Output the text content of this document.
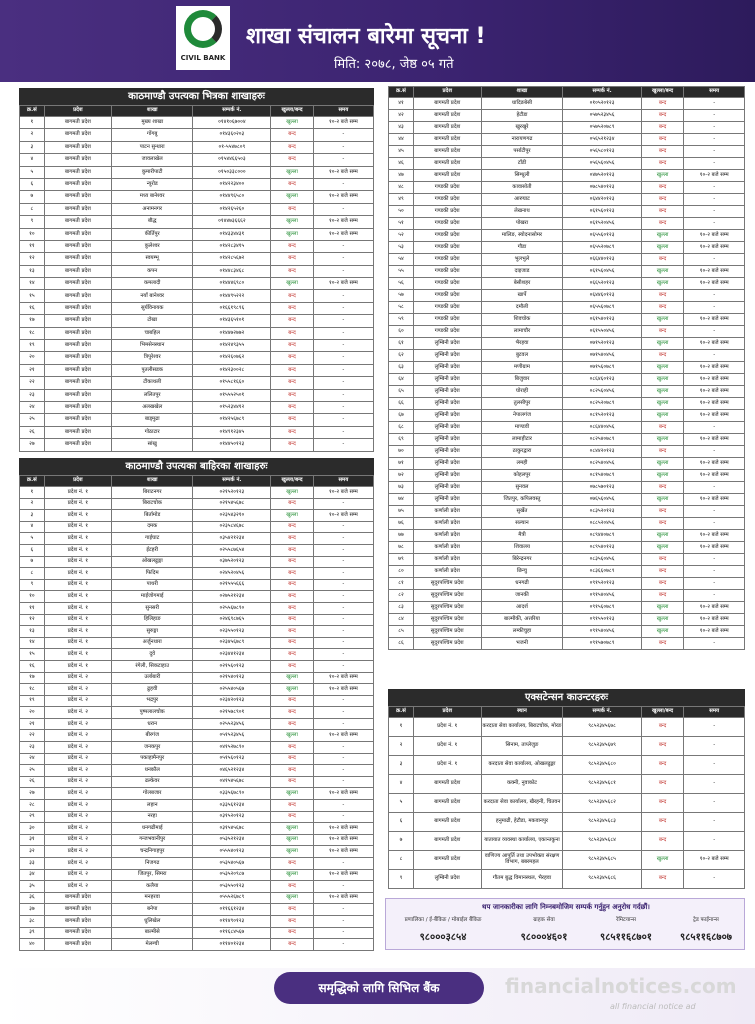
CIVIL BANK
शाखा संचालन बारेमा सूचना !
मिति: २०७८, जेष्ठ ०५ गते
काठमाण्डौ उपत्यका भित्रका शाखाहरुः
क्र.सं	प्रदेश	शाखा	सम्पर्क नं.	खुल्ला/बन्द	समय
१	बागमती प्रदेश	मुख्य शाखा	०१४१०६७००४	खुल्ला	१०-२ बजे सम्म
२	बागमती प्रदेश	गोंगबु	०१४३६०२०३	बन्द	-
३	बागमती प्रदेश	पाटन सुन्धारा	०१-५५४७८०९	बन्द	-
४	बागमती प्रदेश	जावलाखेल	०१५४४६६५०३	बन्द	-
५	बागमती प्रदेश	कुमारीपाटी	०१५०३३८०००	खुल्ला	१०-२ बजे सम्म
६	बागमती प्रदेश	न्यूरोड	०१४२२३४००	बन्द	-
७	बागमती प्रदेश	मध्य बानेश्वर	०१४४९६५८०	खुल्ला	१०-२ बजे सम्म
८	बागमती प्रदेश	अनामनगर	०१४२६५२६०	बन्द	-
९	बागमती प्रदेश	बौद्ध	०१४४७३६६६२	खुल्ला	१०-२ बजे सम्म
१०	बागमती प्रदेश	कीर्तिपुर	०१४३३४४३१	खुल्ला	१०-२ बजे सम्म
११	बागमती प्रदेश	कुलेश्वर	०१४२८३४१५	बन्द	-
१२	बागमती प्रदेश	स्वयम्भू	०१४२८५६७२	बन्द	-
१३	बागमती प्रदेश	कपन	०१४४८३४६८	बन्द	-
१४	बागमती प्रदेश	कमलादी	०१४४४६९८०	खुल्ला	१०-२ बजे सम्म
१५	बागमती प्रदेश	नयाँ बानेश्वर	०१४४९५२२२	बन्द	-
१६	बागमती प्रदेश	सुर्यविनायक	०१६६१९८९६	बन्द	-
१७	बागमती प्रदेश	टोखा	०१४३६५१०१	बन्द	-
१८	बागमती प्रदेश	चाबहिल	०१४४७२७७२	बन्द	-
१९	बागमती प्रदेश	भिमसेनस्थान	०१४२४९३५५	बन्द	-
२०	बागमती प्रदेश	त्रिपुरेश्वर	०१४२६०७६२	बन्द	-
२१	बागमती प्रदेश	पुतलीसडक	०१४२३००२८	बन्द	-
२२	बागमती प्रदेश	टीकाथली	०१५५८१६६०	बन्द	-
२३	बागमती प्रदेश	ललितपुर	०१५५५२५०१	बन्द	-
२४	बागमती प्रदेश	अलखखेल	०१५२३४४१२	बन्द	-
२५	बागमती प्रदेश	बाड्मुढा	०१४२५६७८९	बन्द	-
२६	बागमती प्रदेश	गोठाटार	०१४९१२३४५	बन्द	-
२७	बागमती प्रदेश	सांखु	०१४४५०१२३	बन्द	-
काठमाण्डौ उपत्यका बाहिरका शाखाहरुः
क्र.सं	प्रदेश	शाखा	सम्पर्क नं.	खुल्ला/बन्द	समय
१	प्रदेश नं. १	बिराटनगर	०२१५२०१२३	खुल्ला	१०-२ बजे सम्म
२	प्रदेश नं. १	बिराटचोक	०२१५४५६७८	बन्द	-
३	प्रदेश नं. १	बिर्तामोड	०२३५४३२१०	खुल्ला	१०-२ बजे सम्म
४	प्रदेश नं. १	दमक	०२३५८४६७८	बन्द	-
५	प्रदेश नं. १	गाईघाट	०३५४२१२३४	बन्द	-
६	प्रदेश नं. १	ईटहरी	०२५५८७६५४	बन्द	-
७	प्रदेश नं. १	ओखलढुङ्गा	०३७५२०१२३	बन्द	-
८	प्रदेश नं. १	फिदिम	०२४५२०४५६	बन्द	-
९	प्रदेश नं. १	पाथरी	०२१५५५६६६	बन्द	-
१०	प्रदेश नं. १	माईजोगमाई	०२७५२१२३४	बन्द	-
११	प्रदेश नं. १	सुनसरी	०२५५६७८९०	बन्द	-
१२	प्रदेश नं. १	हिलिहाङ	०२४६९८७६५	बन्द	-
१३	प्रदेश नं. १	सुरुङ्गा	०२३५५०१२३	बन्द	-
१४	प्रदेश नं. १	अर्जुनधारा	०२३४५६७८९	बन्द	-
१५	प्रदेश नं. १	दुवे	०२३४४१२३४	बन्द	-
१६	प्रदेश नं. १	रंगेली, सिकटाहाउ	०२१५६०१२३	बन्द	-
१७	प्रदेश नं. २	उर्लाबारी	०२१५४०१२३	खुल्ला	१०-२ बजे सम्म
१८	प्रदेश नं. २	ढुहवी	०२५५४०५६७	खुल्ला	१०-२ बजे सम्म
१९	प्रदेश नं. २	भद्रपुर	०२३४२०१२३	बन्द	-
२०	प्रदेश नं. २	पुष्पलालचोक	०२१५७८९०१	बन्द	-
२१	प्रदेश नं. २	धरान	०२५५२३४५६	बन्द	-
२२	प्रदेश नं. २	बीरगंज	०५१५२३४५६	खुल्ला	१०-२ बजे सम्म
२३	प्रदेश नं. २	जनकपुर	०४१५२७८९०	बन्द	-
२४	प्रदेश नं. २	पकाहामैनपुर	०५१५६०१२३	बन्द	-
२५	प्रदेश नं. २	धनकौल	०४६५२१२३४	बन्द	-
२६	प्रदेश नं. २	ढल्केवर	०४१५४५६७८	बन्द	-
२७	प्रदेश नं. २	गोलबजार	०३३५६७८९०	खुल्ला	१०-२ बजे सम्म
२८	प्रदेश नं. २	लहान	०३३५६१२३४	बन्द	-
२९	प्रदेश नं. २	नरहा	०३१५२०१२३	बन्द	-
३०	प्रदेश नं. २	धनगढीमाई	०३१५४५६७८	खुल्ला	१०-२ बजे सम्म
३१	प्रदेश नं. २	गन्जभवानीपुर	०५३५२१२३४	खुल्ला	१०-२ बजे सम्म
३२	प्रदेश नं. २	चन्द्रनिगाहपुर	०५५५४०१२३	खुल्ला	१०-२ बजे सम्म
३३	प्रदेश नं. २	निजगढ	०५३५४०५६७	बन्द	-
३४	प्रदेश नं. २	जितपुर, सिमरा	०५३५२०९८७	खुल्ला	१०-२ बजे सम्म
३५	प्रदेश नं. २	कलैया	०५३५५०१२३	बन्द	-
३६	बागमती प्रदेश	मनहरवा	०५५५२६७८९	खुल्ला	१०-२ बजे सम्म
३७	बागमती प्रदेश	बनेपा	०११६६१२३४	बन्द	-
३८	बागमती प्रदेश	धुलिखेल	०११४९०१२३	बन्द	-
३९	बागमती प्रदेश	बाल्मीसे	०११६८४५६७	बन्द	-
४०	बागमती प्रदेश	मेलम्ची	०११४०१२३४	बन्द	-
क्र.सं	प्रदेश	शाखा	सम्पर्क नं.	खुल्ला/बन्द	समय
४१	बागमती प्रदेश	धादिङबेसी	०१०५२०१२३	बन्द	-
४२	बागमती प्रदेश	हेटौडा	०५७५२३४५६	बन्द	-
४३	बागमती प्रदेश	खुरखुरे	०५७५२०७८९	बन्द	-
४४	बागमती प्रदेश	नारायणगढ	०५६५२१२३४	बन्द	-
४५	बागमती प्रदेश	पर्साटीपुर	०५६५८०१२३	बन्द	-
४६	बागमती प्रदेश	टाँडी	०५६५६०४५६	बन्द	-
४७	बागमती प्रदेश	सिम्धुली	०४७५२०१२३	खुल्ला	१०-२ बजे सम्म
४८	गण्डकी प्रदेश	कावासोती	०७८५४०१२३	बन्द	-
४९	गण्डकी प्रदेश	आरुघाट	०६४४२०१२३	बन्द	-
५०	गण्डकी प्रदेश	लेखनाथ	०६१५६०१२३	बन्द	-
५१	गण्डकी प्रदेश	पोखरा	०६१५२०४५६	बन्द	-
५२	गण्डकी प्रदेश	मालिङ, स्योदनासोमर	०६५५६०१२३	खुल्ला	१०-२ बजे सम्म
५३	गण्डकी प्रदेश	गौडा	०६५५२०७८९	खुल्ला	१०-२ बजे सम्म
५४	गण्डकी प्रदेश	भुलभुले	०६६४४०१२३	बन्द	-
५५	गण्डकी प्रदेश	दाइजाड	०६१५६०४५६	खुल्ला	१०-२ बजे सम्म
५६	गण्डकी प्रदेश	बेसीशहर	०६६५२०१२३	खुल्ला	१०-२ बजे सम्म
५७	गण्डकी प्रदेश	खार्पे	०६४४६०१२३	बन्द	-
५८	गण्डकी प्रदेश	दमौली	०६५५६०७८९	बन्द	-
५९	गण्डकी प्रदेश	शिवचोक	०६१५४०१२३	खुल्ला	१०-२ बजे सम्म
६०	गण्डकी प्रदेश	लामाचौर	०६१५५०४५६	बन्द	-
६१	लुम्बिनी प्रदेश	भैरहवा	०७१५२०१२३	खुल्ला	१०-२ बजे सम्म
६२	लुम्बिनी प्रदेश	बुटवल	०७१५४०४५६	बन्द	-
६३	लुम्बिनी प्रदेश	मणीग्राम	०७१५६०७८९	खुल्ला	१०-२ बजे सम्म
६४	लुम्बिनी प्रदेश	बिजुवार	०८६४६०१२३	खुल्ला	१०-२ बजे सम्म
६५	लुम्बिनी प्रदेश	घोराही	०८२५६०४५६	खुल्ला	१०-२ बजे सम्म
६६	लुम्बिनी प्रदेश	तुलसीपुर	०८२५२०७८९	खुल्ला	१०-२ बजे सम्म
६७	लुम्बिनी प्रदेश	नेपालगंज	०८१५२०१२३	खुल्ला	१०-२ बजे सम्म
६८	लुम्बिनी प्रदेश	माण्डवी	०८६४४०४५६	बन्द	-
६९	लुम्बिनी प्रदेश	लामाहीटार	०८२५४०७८९	खुल्ला	१०-२ बजे सम्म
७०	लुम्बिनी प्रदेश	ठाकुरद्वारा	०८४४२०१२३	बन्द	-
७१	लुम्बिनी प्रदेश	लमही	०८२५४०४५६	खुल्ला	१०-२ बजे सम्म
७२	लुम्बिनी प्रदेश	कोहलपुर	०८१५४०७८९	खुल्ला	१०-२ बजे सम्म
७३	लुम्बिनी प्रदेश	सुनवल	०७८५७०१२३	बन्द	-
७४	लुम्बिनी प्रदेश	जितपुर, कपिलवस्तु	०७६५६०४५६	खुल्ला	१०-२ बजे सम्म
७५	कर्णाली प्रदेश	सुर्खेत	०८३५२०१२३	बन्द	-
७६	कर्णाली प्रदेश	सल्यान	०८८५२०४५६	बन्द	-
७७	कर्णाली प्रदेश	मैत्री	०८९४४०७८९	खुल्ला	१०-२ बजे सम्म
७८	कर्णाली प्रदेश	शिवालय	०८९५४०१२३	खुल्ला	१०-२ बजे सम्म
७९	कर्णाली प्रदेश	बिरेन्द्रनगर	०८३५६०४५६	बन्द	-
८०	कर्णाली प्रदेश	छिन्चु	०८३६६०७८९	बन्द	-
८१	सुदूरपश्चिम प्रदेश	धनगढी	०९१५२०१२३	बन्द	-
८२	सुदूरपश्चिम प्रदेश	जानकी	०९१५४०४५६	बन्द	-
८३	सुदूरपश्चिम प्रदेश	आदर्श	०९१५६०७८९	खुल्ला	१०-२ बजे सम्म
८४	सुदूरपश्चिम प्रदेश	बाल्मीकी, अत्तरिया	०९१५५०१२३	खुल्ला	१०-२ बजे सम्म
८५	सुदूरपश्चिम प्रदेश	लम्कीचुहा	०९१५४०४५६	खुल्ला	१०-२ बजे सम्म
८६	सुदूरपश्चिम प्रदेश	भजनी	०९१५७०७८९	बन्द	-
एक्सटेन्सन काउन्टरहरुः
क्र.सं	प्रदेश	स्थान	सम्पर्क नं.	खुल्ला/बन्द	समय
१	प्रदेश नं. १	करदाता सेवा कार्यालय, बिराटचोक, मोरङ	९८५२३४५६७८	बन्द	-
२	प्रदेश नं. १	सिनाम, ताप्लेजुङ	९८५२३४५६७९	बन्द	-
३	प्रदेश नं. १	करदाता सेवा कार्यालय, ओखलढुङ्गा	९८५२३४५६८०	बन्द	-
४	बागमती प्रदेश	कक्नी, नुवाकोट	९८५२३४५६८१	बन्द	-
५	बागमती प्रदेश	करदाता सेवा कार्यालय, खैरहनी, चितवन	९८५२३४५६८२	बन्द	-
६	बागमती प्रदेश	हनुमाढी, हेटौडा, मकवानपुर	९८५२३४५६८३	बन्द	-
७	बागमती प्रदेश	यातायात व्यवस्था कार्यालय, एकान्तकुना	९८५२३४५६८४	बन्द	-
८	बागमती प्रदेश	वाणिज्य आपूर्ति तथा उपभोक्ता संरक्षण विभाग, बबरमहल	९८५२३४५६८५	खुल्ला	१०-२ बजे सम्म
९	लुम्बिनी प्रदेश	गौतम बुद्ध विमानस्थल, भैरहवा	९८५२३४५६८६	बन्द	-
थप जानकारीका लागि निम्नबमोजिम सम्पर्क गर्नुहुन अनुरोध गर्दछौं।
प्रणालिका / ई-बैंकिङ / मोबाईल बैंकिङ	ग्राहक सेवा	रेमिटयान्स	ट्रेड फाईनान्स
९८०००३८५४	९८०००४६०१	९८५११६८७०१	९८५११६८७०७
समृद्धिको लागि सिभिल बैंक	financialnotices.com
all financial notice ad
